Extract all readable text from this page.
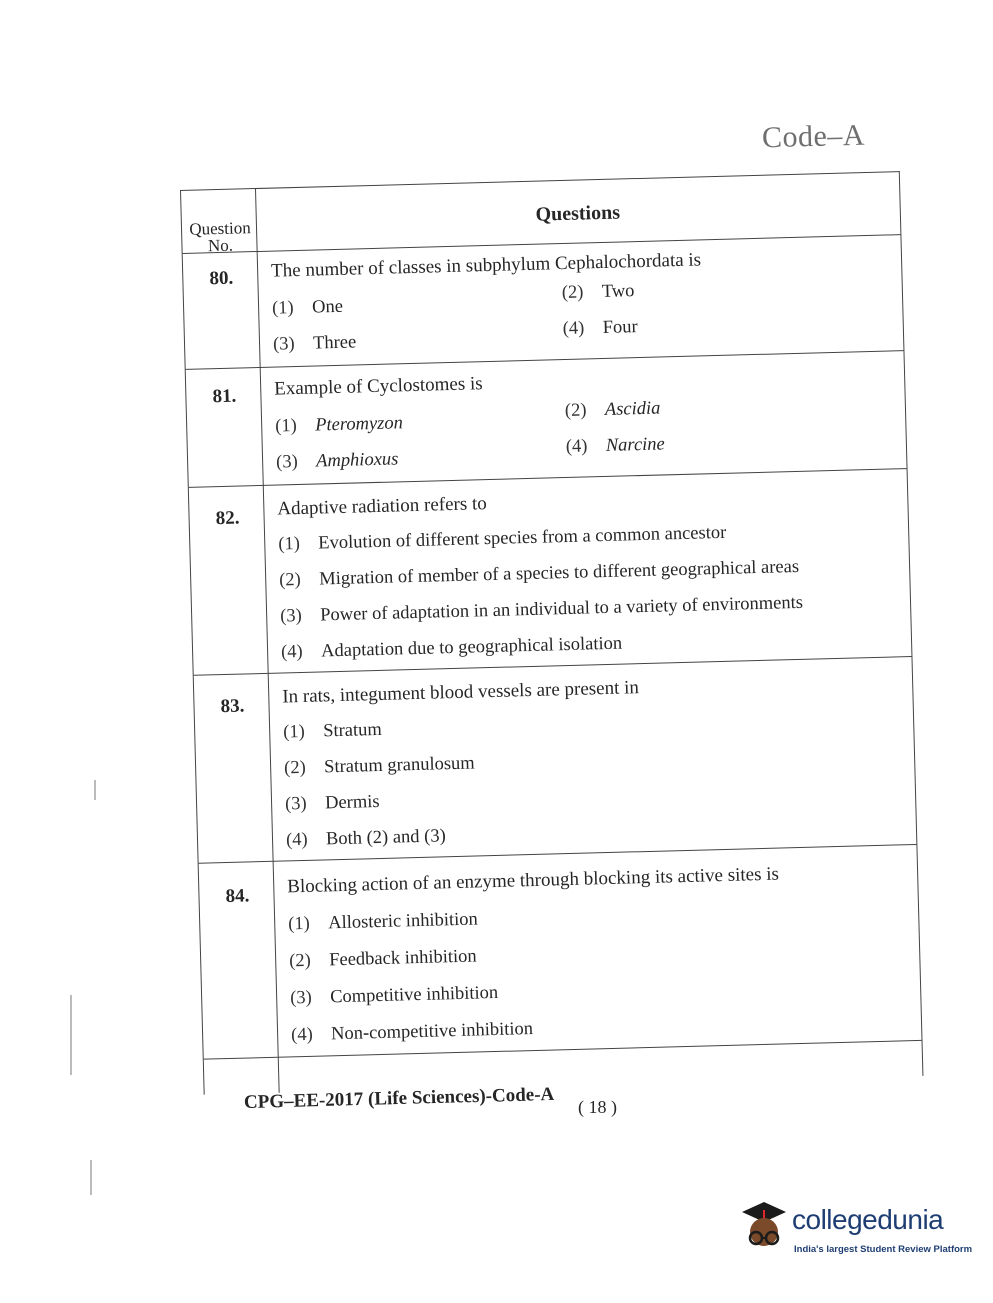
Code–A
Question No.
Questions
80.	The number of classes in subphylum Cephalochordata is
(1) One
(2) Two
(3) Three
(4) Four
81.	Example of Cyclostomes is
(1) Pteromyzon
(2) Ascidia
(3) Amphioxus
(4) Narcine
82.	Adaptive radiation refers to
(1) Evolution of different species from a common ancestor
(2) Migration of member of a species to different geographical areas
(3) Power of adaptation in an individual to a variety of environments
(4) Adaptation due to geographical isolation
83.	In rats, integument blood vessels are present in
(1) Stratum
(2) Stratum granulosum
(3) Dermis
(4) Both (2) and (3)
84.	Blocking action of an enzyme through blocking its active sites is
(1) Allosteric inhibition
(2) Feedback inhibition
(3) Competitive inhibition
(4) Non-competitive inhibition
CPG–EE-2017 (Life Sciences)-Code-A ( 18 )
collegedunia
India's largest Student Review Platform
